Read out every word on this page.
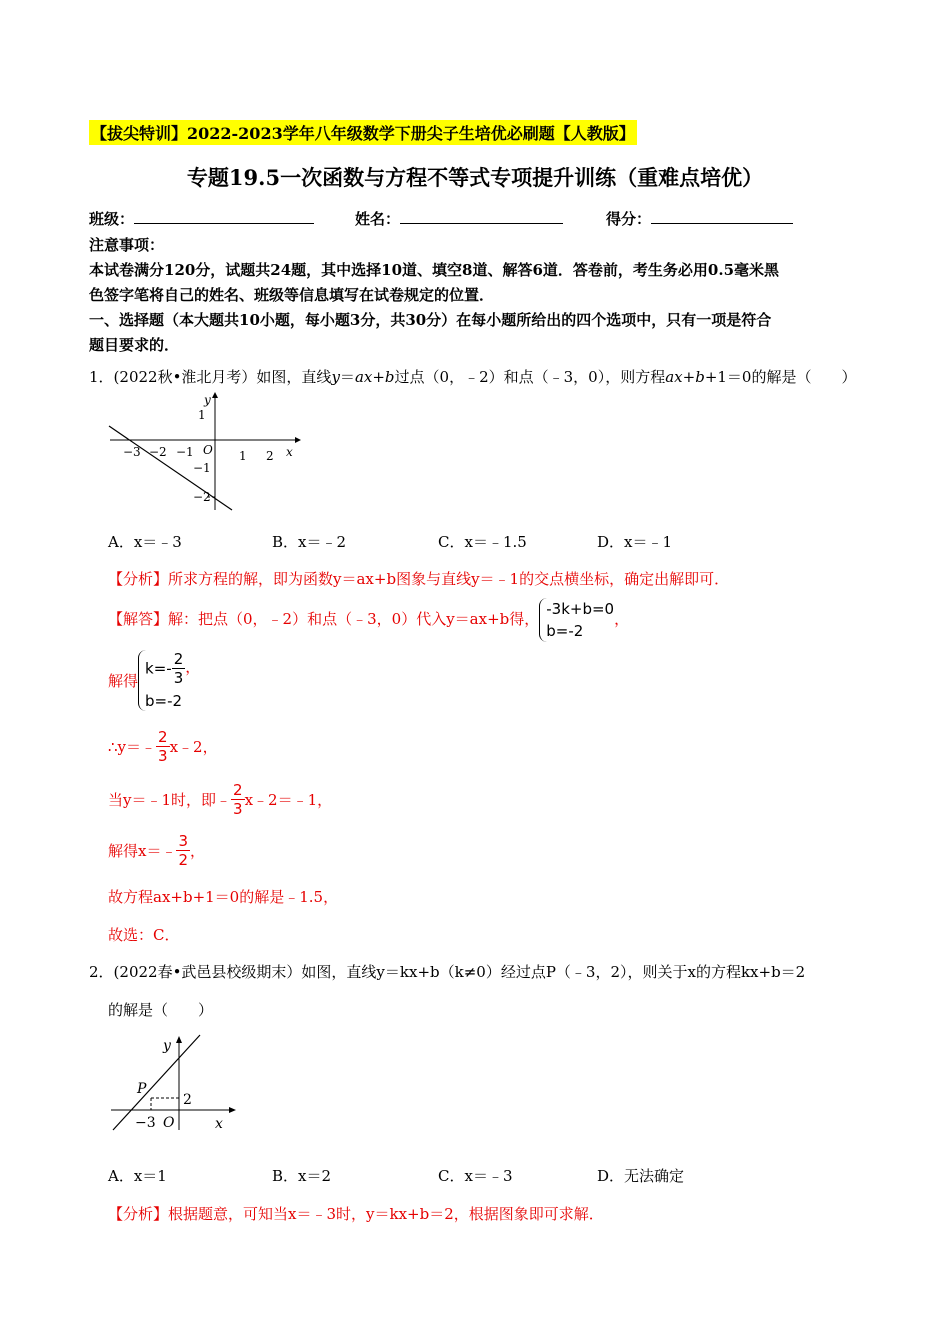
【拔尖特训】2022-2023学年八年级数学下册尖子生培优必刷题【人教版】
专题19.5一次函数与方程不等式专项提升训练（重难点培优）
班级：	姓名：	得分：
注意事项：
本试卷满分120分，试题共24题，其中选择10道、填空8道、解答6道．答卷前，考生务必用0.5毫米黑
色签字笔将自己的姓名、班级等信息填写在试卷规定的位置．
一、选择题（本大题共10小题，每小题3分，共30分）在每小题所给出的四个选项中，只有一项是符合
题目要求的．
1．(2022秋•淮北月考）如图，直线y＝ax+b过点（0，﹣2）和点（﹣3，0），则方程ax+b+1＝0的解是（　　）
−3 −2 −1	1 2
1
−1
−2
O	x
y
A．x＝﹣3	B．x＝﹣2	C．x＝﹣1.5	D．x＝﹣1
【分析】所求方程的解，即为函数y＝ax+b图象与直线y＝﹣1的交点横坐标，确定出解即可．
【解答】解：把点（0，﹣2）和点（﹣3，0）代入y＝ax+b得，
-3k+b=0
b=-2
，
解得
$k=- \frac{2}{3}$
b=-2
，
∴y＝﹣ $\frac{2}{3}$ x﹣2，
当y＝﹣1时，即﹣ $\frac{2}{3}$ x﹣2＝﹣1，
解得x＝﹣ $\frac{3}{2}$ ，
故方程ax+b+1＝0的解是﹣1.5，
故选：C．
2．(2022春•武邑县校级期末）如图，直线y＝kx+b（k≠0）经过点P（﹣3，2），则关于x的方程kx+b＝2
的解是（　　）
P
2
−3 O	x
y
A．x＝1	B．x＝2	C．x＝﹣3	D．无法确定
【分析】根据题意，可知当x＝﹣3时，y＝kx+b＝2，根据图象即可求解．
